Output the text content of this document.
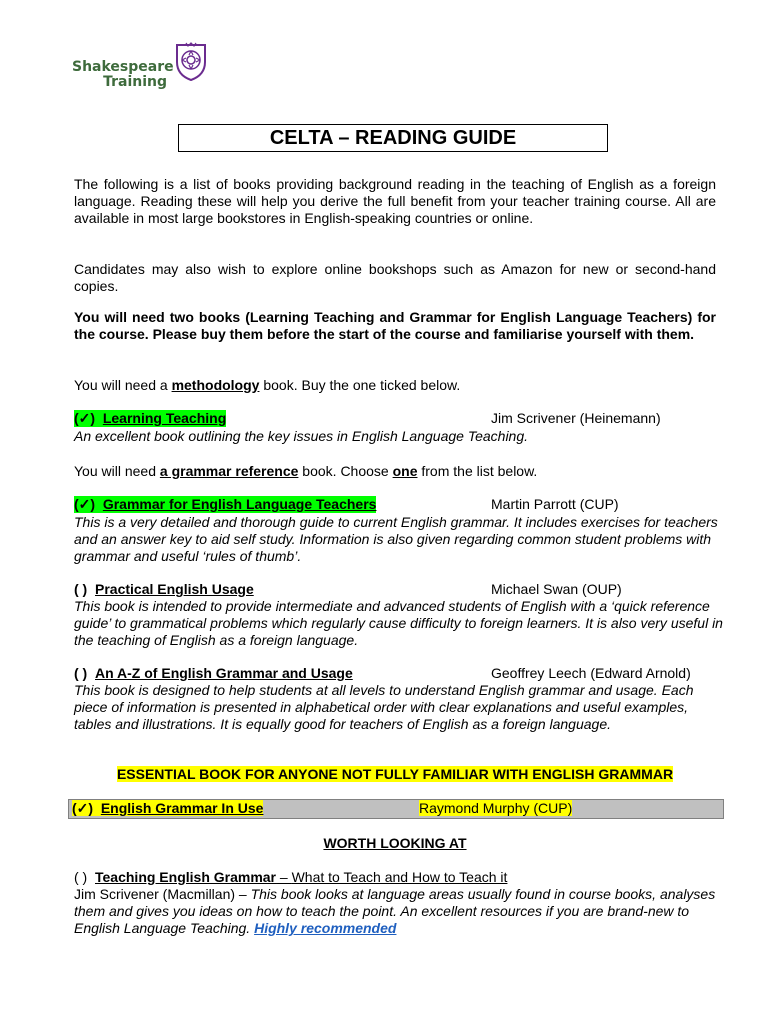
Shakespeare
Training
CELTA – READING GUIDE
The following is a list of books providing background reading in the teaching of English as a foreign language. Reading these will help you derive the full benefit from your teacher training course. All are available in most large bookstores in English-speaking countries or online.
Candidates may also wish to explore online bookshops such as Amazon for new or second-hand copies.
You will need two books (Learning Teaching and Grammar for English Language Teachers) for the course. Please buy them before the start of the course and familiarise yourself with them.
You will need a methodology book. Buy the one ticked below.
(✓) Learning Teaching	Jim Scrivener (Heinemann)
An excellent book outlining the key issues in English Language Teaching.
You will need a grammar reference book. Choose one from the list below.
(✓) Grammar for English Language Teachers	Martin Parrott (CUP)
This is a very detailed and thorough guide to current English grammar. It includes exercises for teachers and an answer key to aid self study. Information is also given regarding common student problems with grammar and useful ‘rules of thumb’.
( ) Practical English Usage	Michael Swan (OUP)
This book is intended to provide intermediate and advanced students of English with a ‘quick reference guide’ to grammatical problems which regularly cause difficulty to foreign learners. It is also very useful in the teaching of English as a foreign language.
( ) An A-Z of English Grammar and Usage	Geoffrey Leech (Edward Arnold)
This book is designed to help students at all levels to understand English grammar and usage. Each piece of information is presented in alphabetical order with clear explanations and useful examples, tables and illustrations. It is equally good for teachers of English as a foreign language.
ESSENTIAL BOOK FOR ANYONE NOT FULLY FAMILIAR WITH ENGLISH GRAMMAR
(✓) English Grammar In Use	Raymond Murphy (CUP)
WORTH LOOKING AT
( ) Teaching English Grammar – What to Teach and How to Teach it
Jim Scrivener (Macmillan) – This book looks at language areas usually found in course books, analyses them and gives you ideas on how to teach the point. An excellent resources if you are brand-new to English Language Teaching. Highly recommended
